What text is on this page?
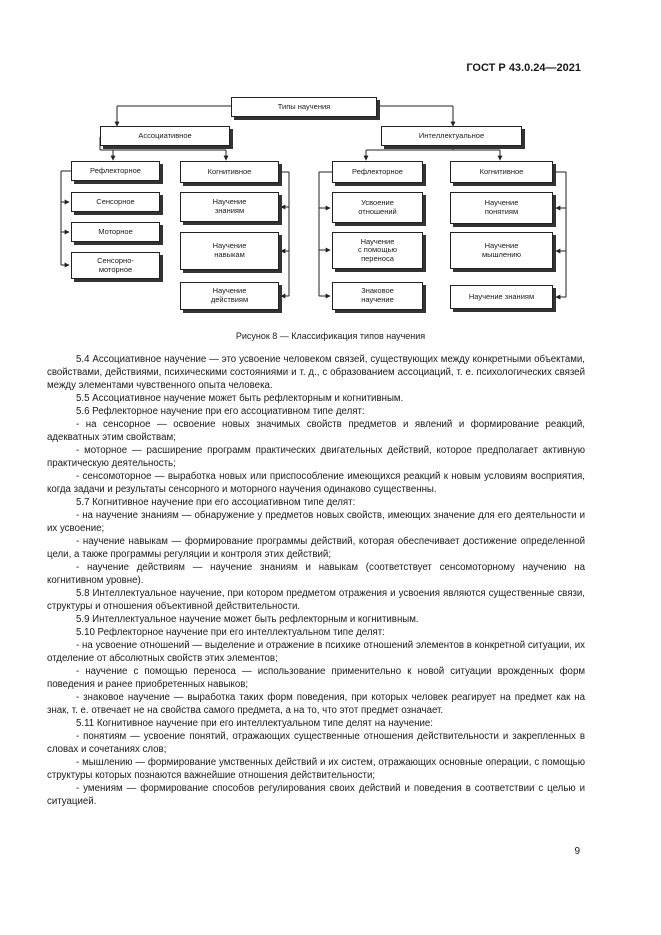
ГОСТ Р 43.0.24—2021
Типы научения
Ассоциативное	Интеллектуальное
Рефлекторное	Когнитивное	Рефлекторное	Когнитивное
Сенсорное
Моторное
Сенсорно-
моторное
Научение
знаниям
Научение
навыкам
Научение
действиям
Усвоение
отношений
Научение
с помощью
переноса
Знаковое
научение
Научение
понятиям
Научение
мышлению
Научение знаниям
Рисунок 8 — Классификация типов научения

5.4 Ассоциативное научение — это усвоение человеком связей, существующих между конкретными объектами, свойствами, действиями, психическими состояниями и т. д., с образованием ассоциаций, т. е. психологических связей между элементами чувственного опыта человека.

5.5 Ассоциативное научение может быть рефлекторным и когнитивным.

5.6 Рефлекторное научение при его ассоциативном типе делят:

- на сенсорное — освоение новых значимых свойств предметов и явлений и формирование реакций, адекватных этим свойствам;

- моторное — расширение программ практических двигательных действий, которое предполагает активную практическую деятельность;

- сенсомоторное — выработка новых или приспособление имеющихся реакций к новым условиям восприятия, когда задачи и результаты сенсорного и моторного научения одинаково существенны.

5.7 Когнитивное научение при его ассоциативном типе делят:

- на научение знаниям — обнаружение у предметов новых свойств, имеющих значение для его деятельности и их усвоение;

- научение навыкам — формирование программы действий, которая обеспечивает достижение определенной цели, а также программы регуляции и контроля этих действий;

- научение действиям — научение знаниям и навыкам (соответствует сенсомоторному научению на когнитивном уровне).

5.8 Интеллектуальное научение, при котором предметом отражения и усвоения являются существенные связи, структуры и отношения объективной действительности.

5.9 Интеллектуальное научение может быть рефлекторным и когнитивным.

5.10 Рефлекторное научение при его интеллектуальном типе делят:

- на усвоение отношений — выделение и отражение в психике отношений элементов в конкретной ситуации, их отделение от абсолютных свойств этих элементов;

- научение с помощью переноса — использование применительно к новой ситуации врожденных форм поведения и ранее приобретенных навыков;

- знаковое научение — выработка таких форм поведения, при которых человек реагирует на предмет как на знак, т. е. отвечает не на свойства самого предмета, а на то, что этот предмет означает.

5.11 Когнитивное научение при его интеллектуальном типе делят на научение:

- понятиям — усвоение понятий, отражающих существенные отношения действительности и закрепленных в словах и сочетаниях слов;

- мышлению — формирование умственных действий и их систем, отражающих основные операции, с помощью структуры которых познаются важнейшие отношения действительности;

- умениям — формирование способов регулирования своих действий и поведения в соответствии с целью и ситуацией.

9
